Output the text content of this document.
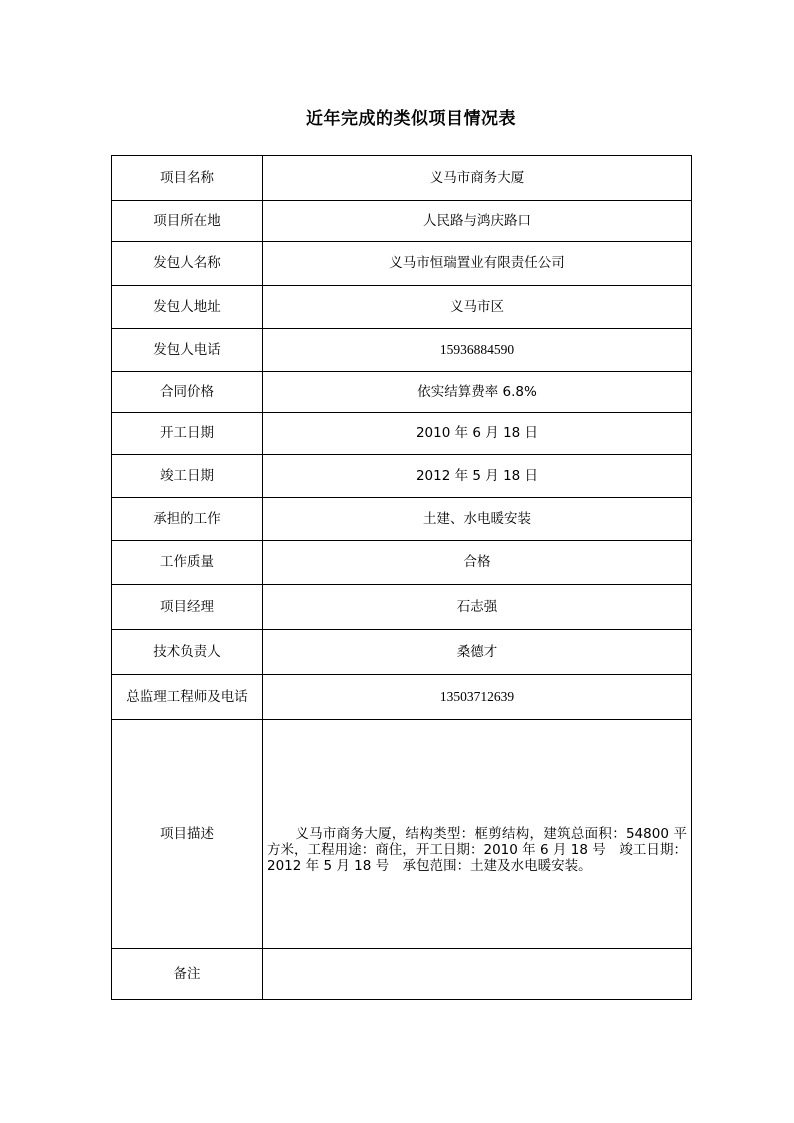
近年完成的类似项目情况表
项目名称	义马市商务大厦
项目所在地	人民路与鸿庆路口
发包人名称	义马市恒瑞置业有限责任公司
发包人地址	义马市区
发包人电话	15936884590
合同价格	依实结算费率 6.8%
开工日期	2010 年 6 月 18 日
竣工日期	2012 年 5 月 18 日
承担的工作	土建、水电暖安装
工作质量	合格
项目经理	石志强
技术负责人	桑德才
总监理工程师及电话	13503712639
项目描述	义马市商务大厦，结构类型：框剪结构，建筑总面积：54800 平方米，工程用途：商住，开工日期：2010 年 6 月 18 号　竣工日期：2012 年 5 月 18 号　承包范围：土建及水电暖安装。

备注	
